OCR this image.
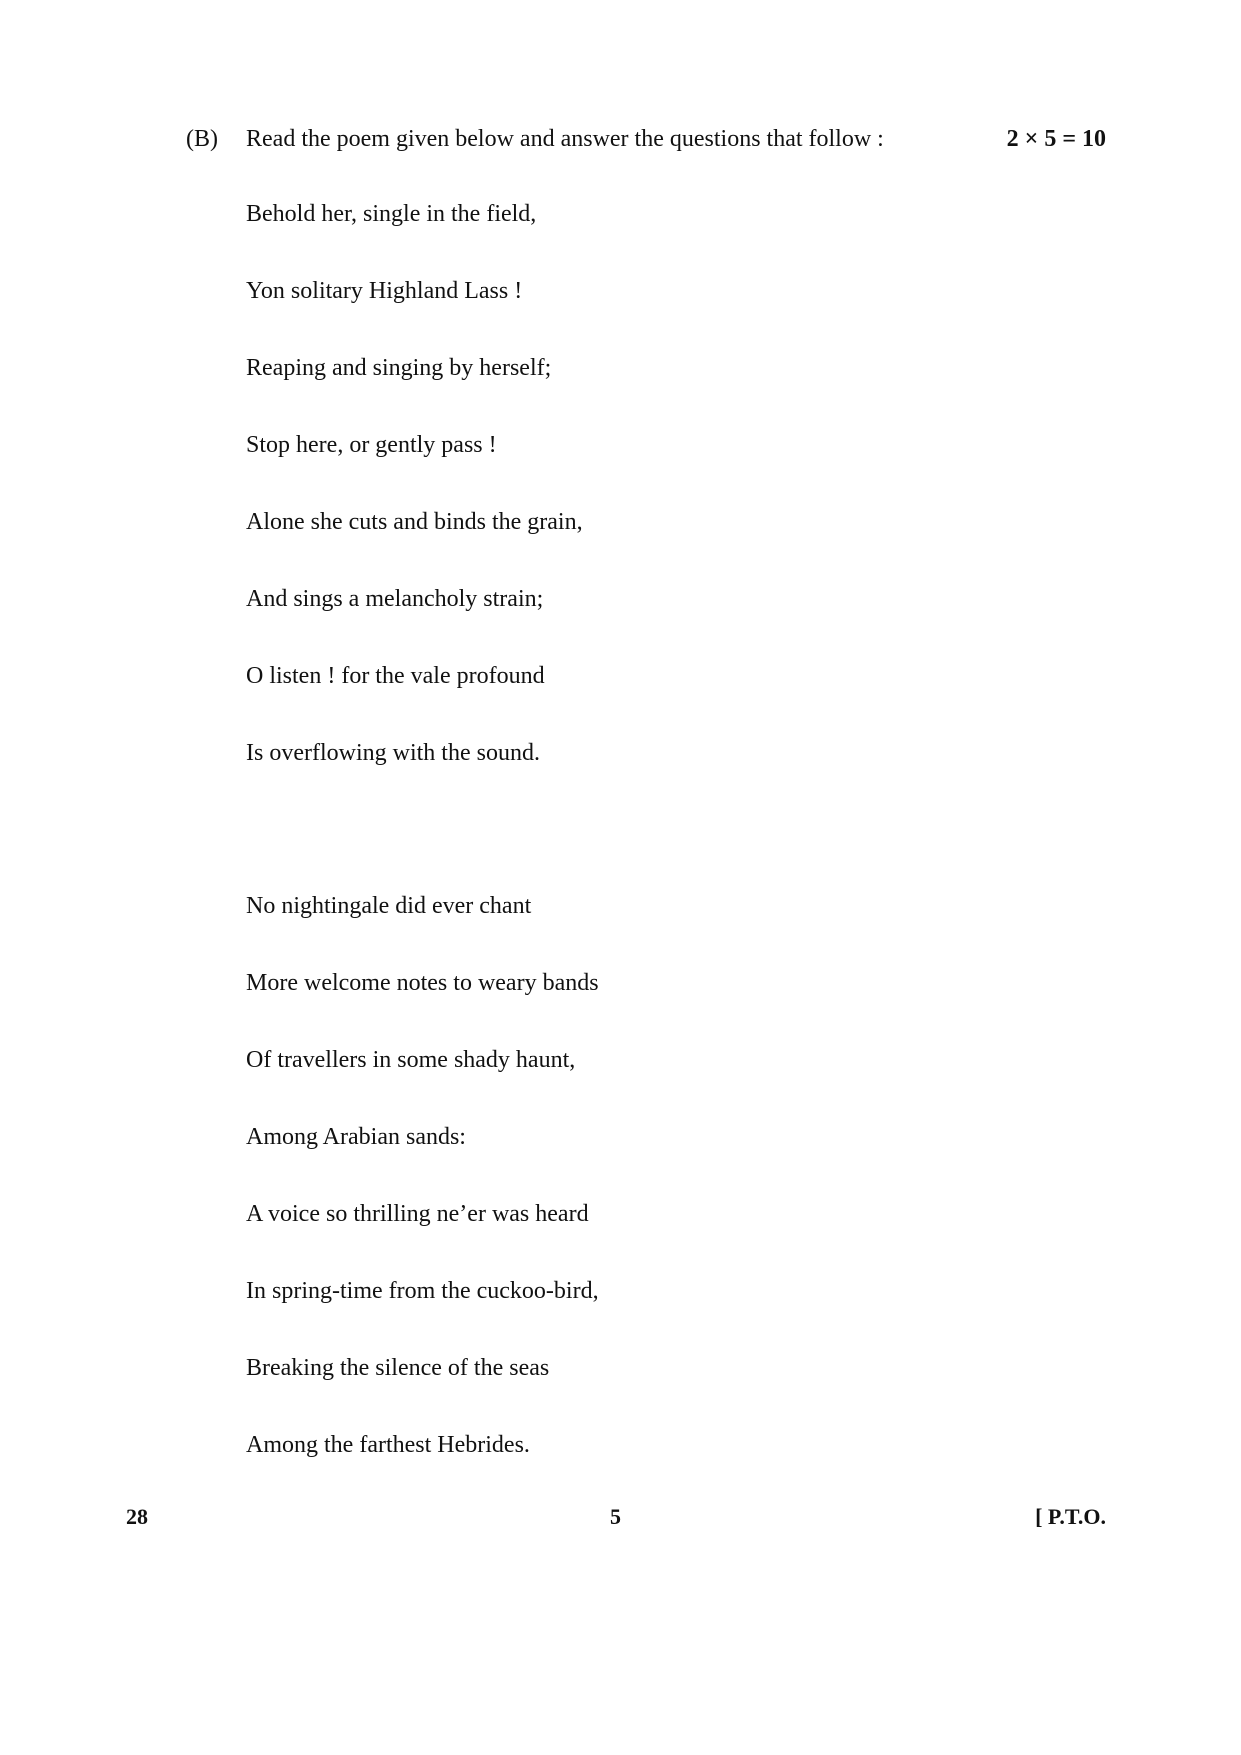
(B) Read the poem given below and answer the questions that follow :	2 × 5 = 10
Behold her, single in the field,
Yon solitary Highland Lass !
Reaping and singing by herself;
Stop here, or gently pass !
Alone she cuts and binds the grain,
And sings a melancholy strain;
O listen ! for the vale profound
Is overflowing with the sound.
No nightingale did ever chant
More welcome notes to weary bands
Of travellers in some shady haunt,
Among Arabian sands:
A voice so thrilling ne’er was heard
In spring-time from the cuckoo-bird,
Breaking the silence of the seas
Among the farthest Hebrides.
28	5	[ P.T.O.
